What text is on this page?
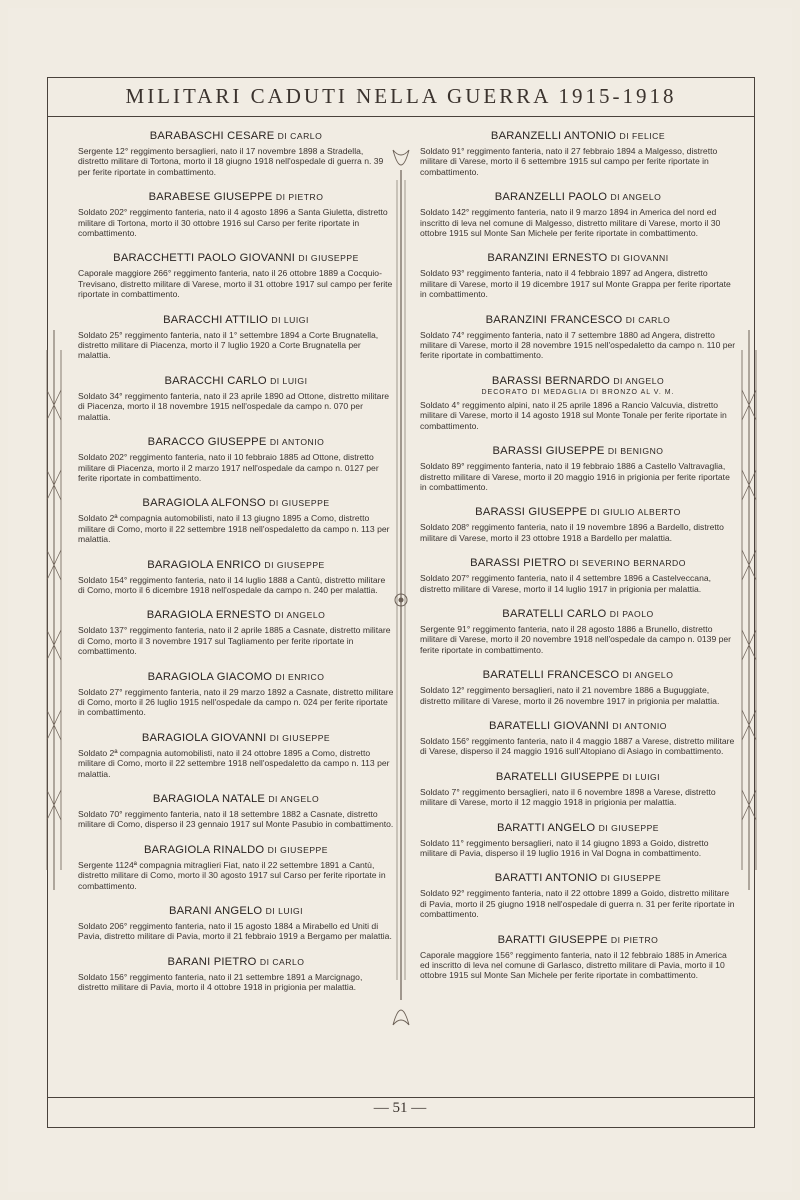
MILITARI CADUTI NELLA GUERRA 1915-1918
BARABASCHI CESARE DI CARLO
Sergente 12° reggimento bersaglieri, nato il 17 novembre 1898 a Stradella, distretto militare di Tortona, morto il 18 giugno 1918 nell'ospedale di guerra n. 39 per ferite riportate in combattimento.
BARABESE GIUSEPPE DI PIETRO
Soldato 202° reggimento fanteria, nato il 4 agosto 1896 a Santa Giuletta, distretto militare di Tortona, morto il 30 ottobre 1916 sul Carso per ferite riportate in combattimento.
BARACCHETTI PAOLO GIOVANNI DI GIUSEPPE
Caporale maggiore 266° reggimento fanteria, nato il 26 ottobre 1889 a Cocquio-Trevisano, distretto militare di Varese, morto il 31 ottobre 1917 sul campo per ferite riportate in combattimento.
BARACCHI ATTILIO DI LUIGI
Soldato 25° reggimento fanteria, nato il 1° settembre 1894 a Corte Brugnatella, distretto militare di Piacenza, morto il 7 luglio 1920 a Corte Brugnatella per malattia.
BARACCHI CARLO DI LUIGI
Soldato 34° reggimento fanteria, nato il 23 aprile 1890 ad Ottone, distretto militare di Piacenza, morto il 18 novembre 1915 nell'ospedale da campo n. 070 per malattia.
BARACCO GIUSEPPE DI ANTONIO
Soldato 202° reggimento fanteria, nato il 10 febbraio 1885 ad Ottone, distretto militare di Piacenza, morto il 2 marzo 1917 nell'ospedale da campo n. 0127 per ferite riportate in combattimento.
BARAGIOLA ALFONSO DI GIUSEPPE
Soldato 2ª compagnia automobilisti, nato il 13 giugno 1895 a Como, distretto militare di Como, morto il 22 settembre 1918 nell'ospedaletto da campo n. 113 per malattia.
BARAGIOLA ENRICO DI GIUSEPPE
Soldato 154° reggimento fanteria, nato il 14 luglio 1888 a Cantù, distretto militare di Como, morto il 6 dicembre 1918 nell'ospedale da campo n. 240 per malattia.
BARAGIOLA ERNESTO DI ANGELO
Soldato 137° reggimento fanteria, nato il 2 aprile 1885 a Casnate, distretto militare di Como, morto il 3 novembre 1917 sul Tagliamento per ferite riportate in combattimento.
BARAGIOLA GIACOMO DI ENRICO
Soldato 27° reggimento fanteria, nato il 29 marzo 1892 a Casnate, distretto militare di Como, morto il 26 luglio 1915 nell'ospedale da campo n. 024 per ferite riportate in combattimento.
BARAGIOLA GIOVANNI DI GIUSEPPE
Soldato 2ª compagnia automobilisti, nato il 24 ottobre 1895 a Como, distretto militare di Como, morto il 22 settembre 1918 nell'ospedaletto da campo n. 113 per malattia.
BARAGIOLA NATALE DI ANGELO
Soldato 70° reggimento fanteria, nato il 18 settembre 1882 a Casnate, distretto militare di Como, disperso il 23 gennaio 1917 sul Monte Pasubio in combattimento.
BARAGIOLA RINALDO DI GIUSEPPE
Sergente 1124ª compagnia mitraglieri Fiat, nato il 22 settembre 1891 a Cantù, distretto militare di Como, morto il 30 agosto 1917 sul Carso per ferite riportate in combattimento.
BARANI ANGELO DI LUIGI
Soldato 206° reggimento fanteria, nato il 15 agosto 1884 a Mirabello ed Uniti di Pavia, distretto militare di Pavia, morto il 21 febbraio 1919 a Bergamo per malattia.
BARANI PIETRO DI CARLO
Soldato 156° reggimento fanteria, nato il 21 settembre 1891 a Marcignago, distretto militare di Pavia, morto il 4 ottobre 1918 in prigionia per malattia.
BARANZELLI ANTONIO DI FELICE
Soldato 91° reggimento fanteria, nato il 27 febbraio 1894 a Malgesso, distretto militare di Varese, morto il 6 settembre 1915 sul campo per ferite riportate in combattimento.
BARANZELLI PAOLO DI ANGELO
Soldato 142° reggimento fanteria, nato il 9 marzo 1894 in America del nord ed inscritto di leva nel comune di Malgesso, distretto militare di Varese, morto il 30 ottobre 1915 sul Monte San Michele per ferite riportate in combattimento.
BARANZINI ERNESTO DI GIOVANNI
Soldato 93° reggimento fanteria, nato il 4 febbraio 1897 ad Angera, distretto militare di Varese, morto il 19 dicembre 1917 sul Monte Grappa per ferite riportate in combattimento.
BARANZINI FRANCESCO DI CARLO
Soldato 74° reggimento fanteria, nato il 7 settembre 1880 ad Angera, distretto militare di Varese, morto il 28 novembre 1915 nell'ospedaletto da campo n. 110 per ferite riportate in combattimento.
BARASSI BERNARDO DI ANGELO
DECORATO DI MEDAGLIA DI BRONZO AL V. M.
Soldato 4° reggimento alpini, nato il 25 aprile 1896 a Rancio Valcuvia, distretto militare di Varese, morto il 14 agosto 1918 sul Monte Tonale per ferite riportate in combattimento.
BARASSI GIUSEPPE DI BENIGNO
Soldato 89° reggimento fanteria, nato il 19 febbraio 1886 a Castello Valtravaglia, distretto militare di Varese, morto il 20 maggio 1916 in prigionia per ferite riportate in combattimento.
BARASSI GIUSEPPE DI GIULIO ALBERTO
Soldato 208° reggimento fanteria, nato il 19 novembre 1896 a Bardello, distretto militare di Varese, morto il 23 ottobre 1918 a Bardello per malattia.
BARASSI PIETRO DI SEVERINO BERNARDO
Soldato 207° reggimento fanteria, nato il 4 settembre 1896 a Castelveccana, distretto militare di Varese, morto il 14 luglio 1917 in prigionia per malattia.
BARATELLI CARLO DI PAOLO
Sergente 91° reggimento fanteria, nato il 28 agosto 1886 a Brunello, distretto militare di Varese, morto il 20 novembre 1918 nell'ospedale da campo n. 0139 per ferite riportate in combattimento.
BARATELLI FRANCESCO DI ANGELO
Soldato 12° reggimento bersaglieri, nato il 21 novembre 1886 a Buguggiate, distretto militare di Varese, morto il 26 novembre 1917 in prigionia per malattia.
BARATELLI GIOVANNI DI ANTONIO
Soldato 156° reggimento fanteria, nato il 4 maggio 1887 a Varese, distretto militare di Varese, disperso il 24 maggio 1916 sull'Altopiano di Asiago in combattimento.
BARATELLI GIUSEPPE DI LUIGI
Soldato 7° reggimento bersaglieri, nato il 6 novembre 1898 a Varese, distretto militare di Varese, morto il 12 maggio 1918 in prigionia per malattia.
BARATTI ANGELO DI GIUSEPPE
Soldato 11° reggimento bersaglieri, nato il 14 giugno 1893 a Goido, distretto militare di Pavia, disperso il 19 luglio 1916 in Val Dogna in combattimento.
BARATTI ANTONIO DI GIUSEPPE
Soldato 92° reggimento fanteria, nato il 22 ottobre 1899 a Goido, distretto militare di Pavia, morto il 25 giugno 1918 nell'ospedale di guerra n. 31 per ferite riportate in combattimento.
BARATTI GIUSEPPE DI PIETRO
Caporale maggiore 156° reggimento fanteria, nato il 12 febbraio 1885 in America ed inscritto di leva nel comune di Garlasco, distretto militare di Pavia, morto il 10 ottobre 1915 sul Monte San Michele per ferite riportate in combattimento.
— 51 —
